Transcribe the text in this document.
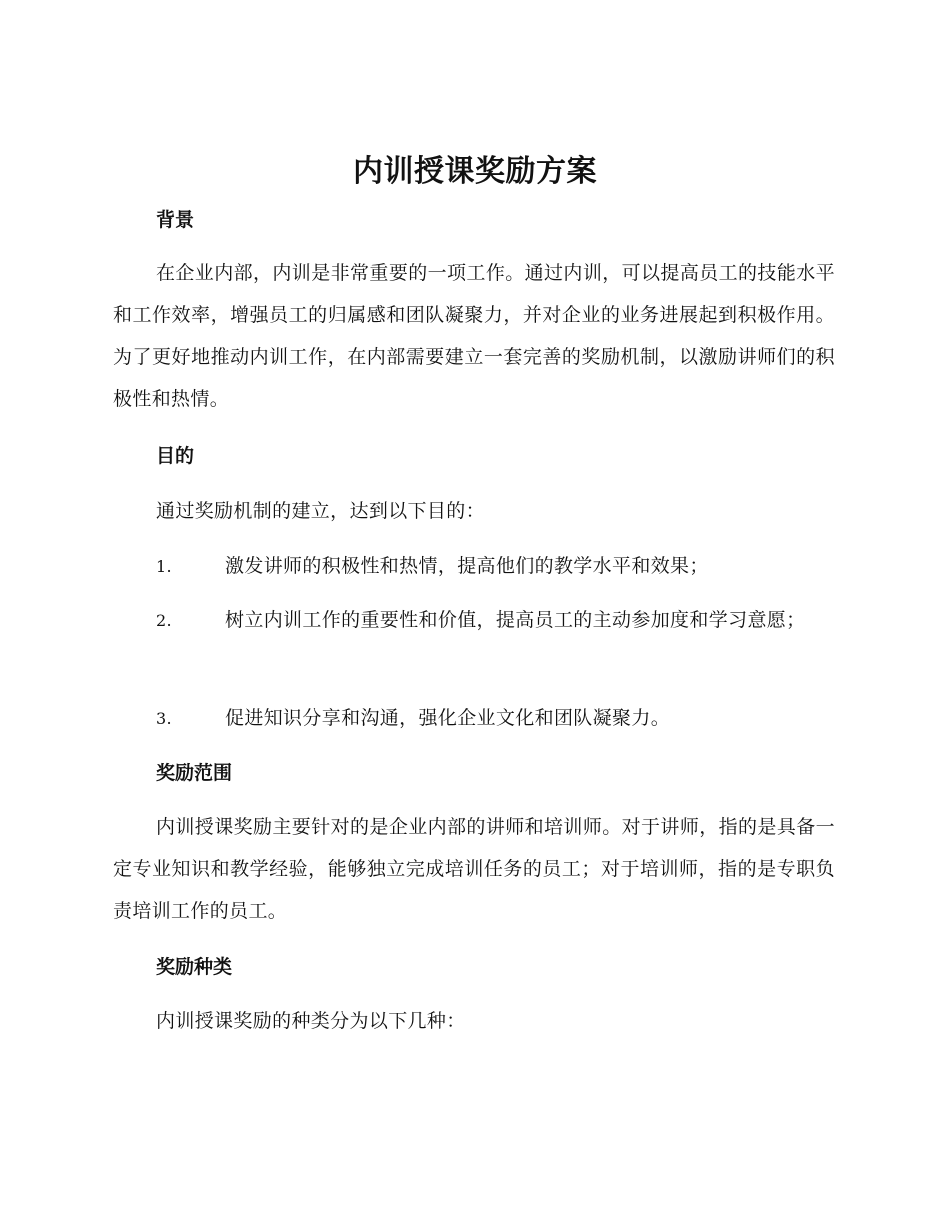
内训授课奖励方案
背景

在企业内部，内训是非常重要的一项工作。通过内训，可以提高员工的技能水平和工作效率，增强员工的归属感和团队凝聚力，并对企业的业务进展起到积极作用。为了更好地推动内训工作，在内部需要建立一套完善的奖励机制，以激励讲师们的积极性和热情。

目的

通过奖励机制的建立，达到以下目的：

1.	激发讲师的积极性和热情，提高他们的教学水平和效果；

2.	树立内训工作的重要性和价值，提高员工的主动参加度和学习意愿；

3.	促进知识分享和沟通，强化企业文化和团队凝聚力。

奖励范围

内训授课奖励主要针对的是企业内部的讲师和培训师。对于讲师，指的是具备一定专业知识和教学经验，能够独立完成培训任务的员工；对于培训师，指的是专职负责培训工作的员工。

奖励种类

内训授课奖励的种类分为以下几种：
